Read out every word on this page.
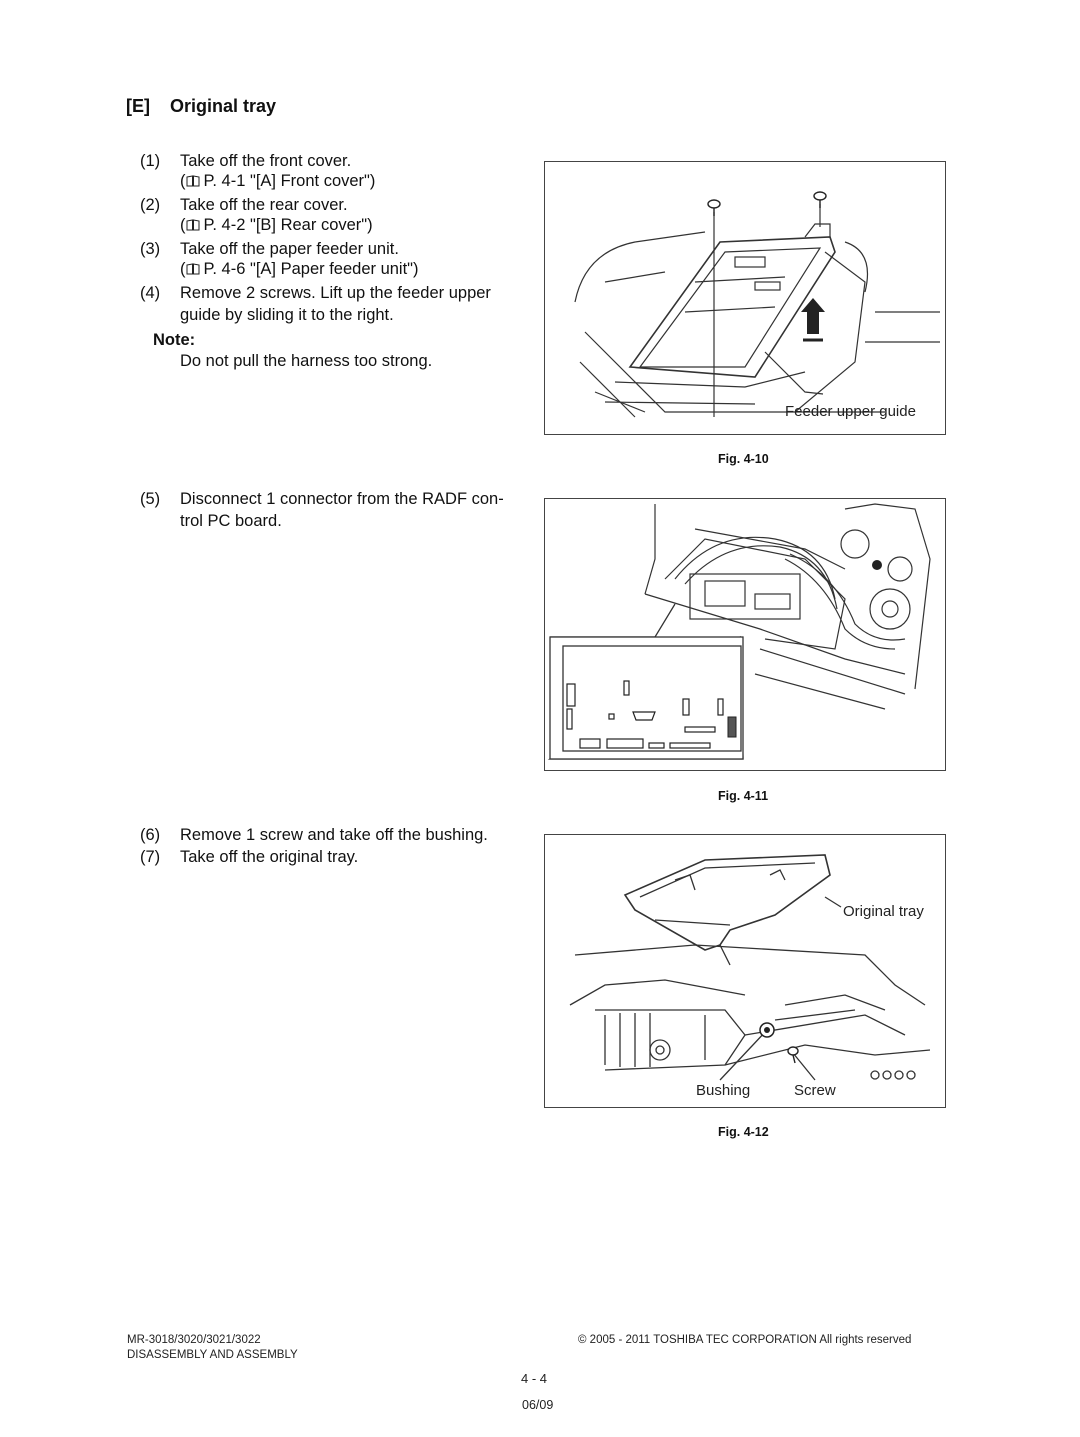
[E] Original tray
(1)	Take off the front cover.
( P. 4-1 "[A] Front cover")
(2)	Take off the rear cover.
( P. 4-2 "[B] Rear cover")
(3)	Take off the paper feeder unit.
( P. 4-6 "[A] Paper feeder unit")
(4)	Remove 2 screws. Lift up the feeder upper
guide by sliding it to the right.
Note:
Do not pull the harness too strong.
(5)	Disconnect 1 connector from the RADF con-
trol PC board.
(6)	Remove 1 screw and take off the bushing.
(7)	Take off the original tray.
Feeder upper guide
Fig. 4-10
Fig. 4-11
Original tray
Bushing	Screw
Fig. 4-12
MR-3018/3020/3021/3022
DISASSEMBLY AND ASSEMBLY
© 2005 - 2011 TOSHIBA TEC CORPORATION All rights reserved
4 - 4
06/09
